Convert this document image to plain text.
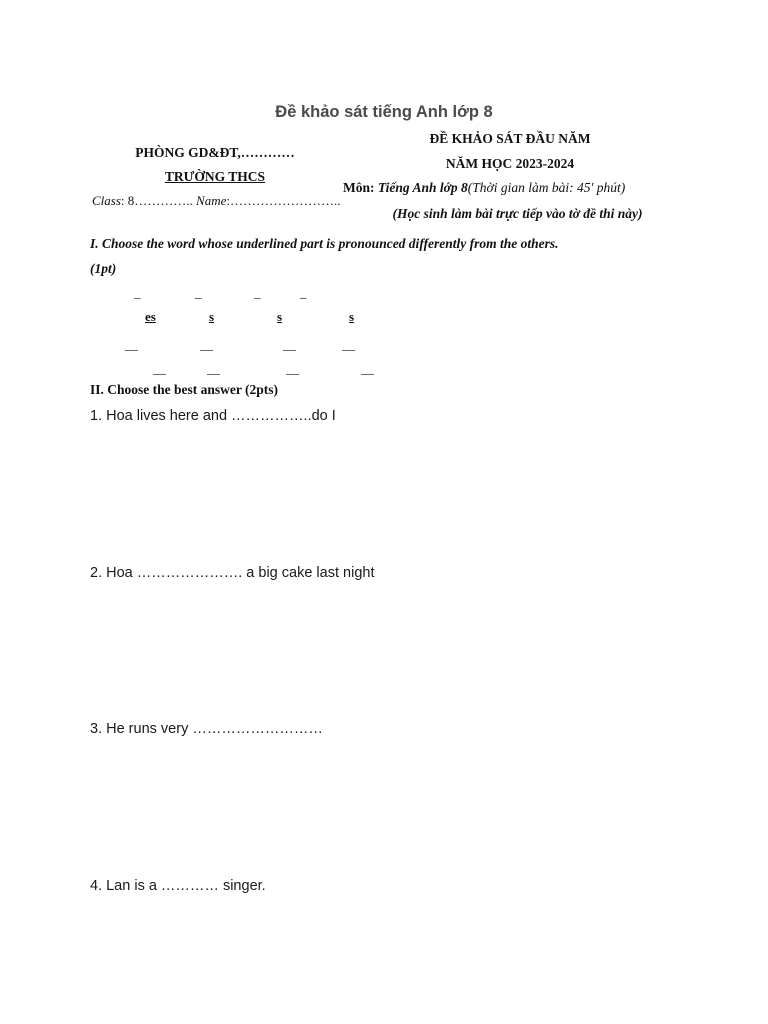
Đề khảo sát tiếng Anh lớp 8
PHÒNG GD&ĐT,…………
TRƯỜNG THCS
Class: 8………….. Name:……………………..
ĐỀ KHẢO SÁT ĐẦU NĂM
NĂM HỌC 2023-2024
Môn: Tiếng Anh lớp 8(Thời gian làm bài: 45' phút)
(Học sinh làm bài trực tiếp vào tờ đề thi này)
I. Choose the word whose underlined part is pronounced differently from the others.
(1pt)
_	_	_	_
es	s	s	s
__	__	__	__
__	__	__	__
II. Choose the best answer (2pts)
1. Hoa lives here and ……………..do I
2. Hoa …………………. a big cake last night
3. He runs very ………………………
4. Lan is a ………… singer.
